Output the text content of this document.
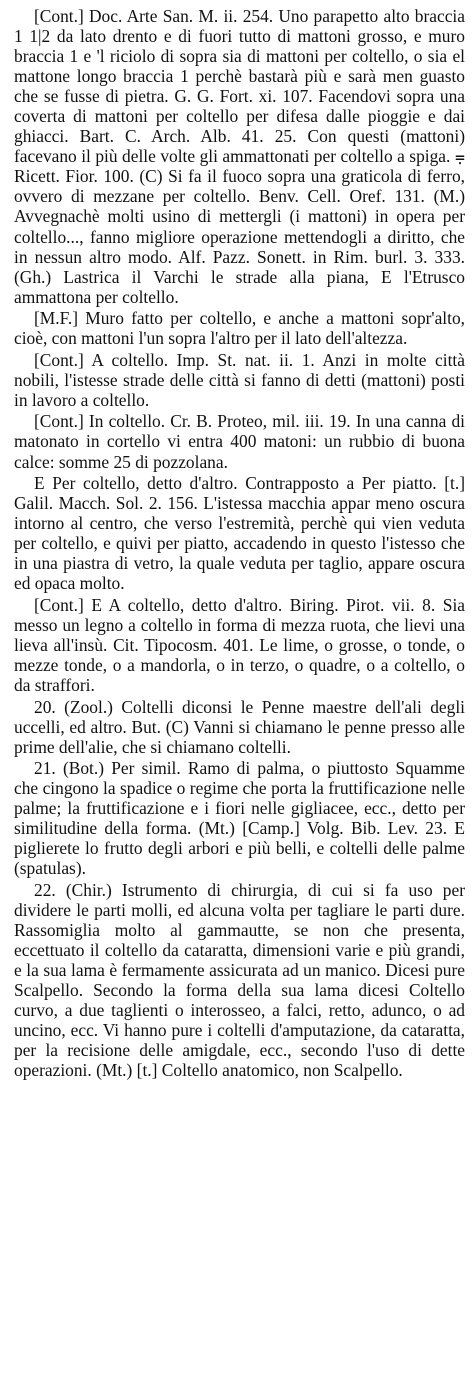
[Cont.] Doc. Arte San. M. ii. 254. Uno parapetto alto braccia 1 1|2 da lato drento e di fuori tutto di mattoni grosso, e muro braccia 1 e 'l riciolo di sopra sia di mattoni per coltello, o sia el mattone longo braccia 1 perchè bastarà più e sarà men guasto che se fusse di pietra. G. G. Fort. xi. 107. Facendovi sopra una coverta di mattoni per coltello per difesa dalle pioggie e dai ghiacci. Bart. C. Arch. Alb. 41. 25. Con questi (mattoni) facevano il più delle volte gli ammattonati per coltello a spiga. ⩦ Ricett. Fior. 100. (C) Si fa il fuoco sopra una graticola di ferro, ovvero di mezzane per coltello. Benv. Cell. Oref. 131. (M.) Avvegnachè molti usino di mettergli (i mattoni) in opera per coltello..., fanno migliore operazione mettendogli a diritto, che in nessun altro modo. Alf. Pazz. Sonett. in Rim. burl. 3. 333. (Gh.) Lastrica il Varchi le strade alla piana, E l'Etrusco ammattona per coltello.

[M.F.] Muro fatto per coltello, e anche a mattoni sopr'alto, cioè, con mattoni l'un sopra l'altro per il lato dell'altezza.

[Cont.] A coltello. Imp. St. nat. ii. 1. Anzi in molte città nobili, l'istesse strade delle città si fanno di detti (mattoni) posti in lavoro a coltello.

[Cont.] In coltello. Cr. B. Proteo, mil. iii. 19. In una canna di matonato in cortello vi entra 400 matoni: un rubbio di buona calce: somme 25 di pozzolana.

E Per coltello, detto d'altro. Contrapposto a Per piatto. [t.] Galil. Macch. Sol. 2. 156. L'istessa macchia appar meno oscura intorno al centro, che verso l'estremità, perchè qui vien veduta per coltello, e quivi per piatto, accadendo in questo l'istesso che in una piastra di vetro, la quale veduta per taglio, appare oscura ed opaca molto.

[Cont.] E A coltello, detto d'altro. Biring. Pirot. vii. 8. Sia messo un legno a coltello in forma di mezza ruota, che lievi una lieva all'insù. Cit. Tipocosm. 401. Le lime, o grosse, o tonde, o mezze tonde, o a mandorla, o in terzo, o quadre, o a coltello, o da straffori.

20. (Zool.) Coltelli diconsi le Penne maestre dell'ali degli uccelli, ed altro. But. (C) Vanni si chiamano le penne presso alle prime dell'alie, che si chiamano coltelli.

21. (Bot.) Per simil. Ramo di palma, o piuttosto Squamme che cingono la spadice o regime che porta la fruttificazione nelle palme; la fruttificazione e i fiori nelle gigliacee, ecc., detto per similitudine della forma. (Mt.) [Camp.] Volg. Bib. Lev. 23. E piglierete lo frutto degli arbori e più belli, e coltelli delle palme (spatulas).

22. (Chir.) Istrumento di chirurgia, di cui si fa uso per dividere le parti molli, ed alcuna volta per tagliare le parti dure. Rassomiglia molto al gammautte, se non che presenta, eccettuato il coltello da cataratta, dimensioni varie e più grandi, e la sua lama è fermamente assicurata ad un manico. Dicesi pure Scalpello. Secondo la forma della sua lama dicesi Coltello curvo, a due taglienti o interosseo, a falci, retto, adunco, o ad uncino, ecc. Vi hanno pure i coltelli d'amputazione, da cataratta, per la recisione delle amigdale, ecc., secondo l'uso di dette operazioni. (Mt.) [t.] Coltello anatomico, non Scalpello.
